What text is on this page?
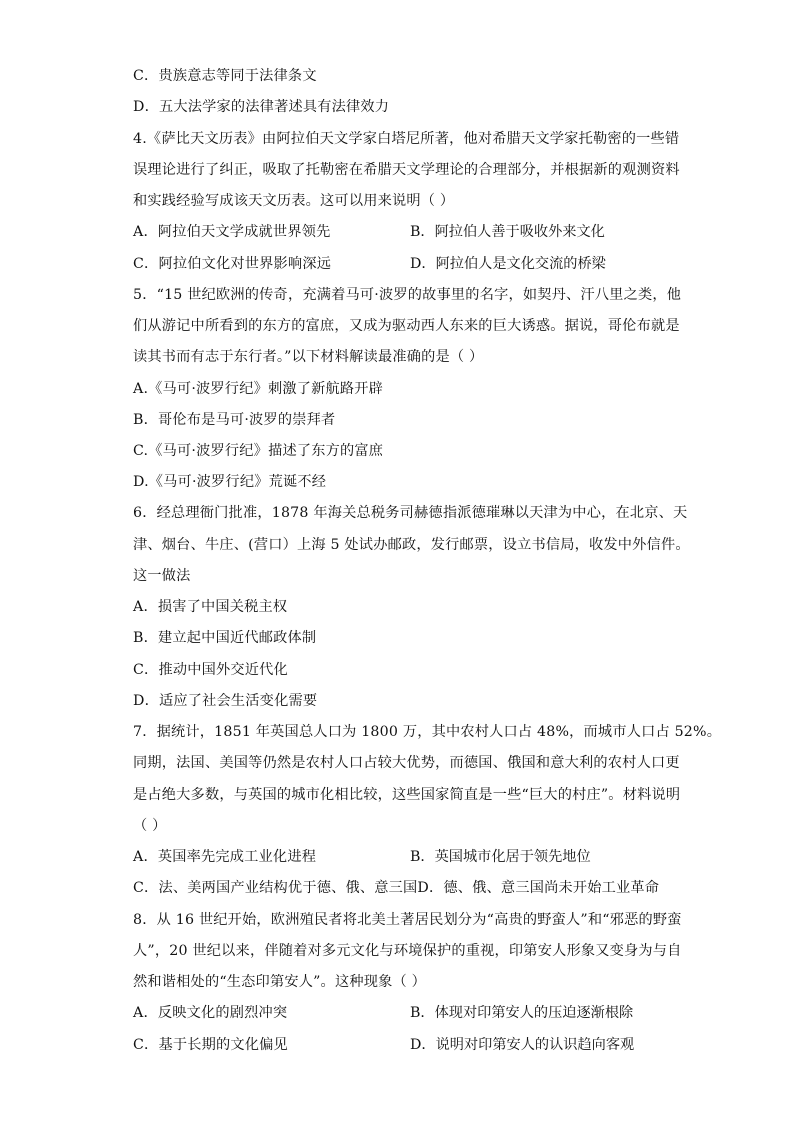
C．贵族意志等同于法律条文
D．五大法学家的法律著述具有法律效力
4.《萨比天文历表》由阿拉伯天文学家白塔尼所著，他对希腊天文学家托勒密的一些错
误理论进行了纠正，吸取了托勒密在希腊天文学理论的合理部分，并根据新的观测资料
和实践经验写成该天文历表。这可以用来说明（ ）
A．阿拉伯天文学成就世界领先	B．阿拉伯人善于吸收外来文化
C．阿拉伯文化对世界影响深远	D．阿拉伯人是文化交流的桥梁
5．“15 世纪欧洲的传奇，充满着马可·波罗的故事里的名字，如契丹、汗八里之类，他
们从游记中所看到的东方的富庶，又成为驱动西人东来的巨大诱惑。据说，哥伦布就是
读其书而有志于东行者。”以下材料解读最准确的是（ ）
A.《马可·波罗行纪》刺激了新航路开辟
B．哥伦布是马可·波罗的崇拜者
C.《马可·波罗行纪》描述了东方的富庶
D.《马可·波罗行纪》荒诞不经
6．经总理衙门批准，1878 年海关总税务司赫德指派德璀琳以天津为中心，在北京、天
津、烟台、牛庄、(营口）上海 5 处试办邮政，发行邮票，设立书信局，收发中外信件。
这一做法
A．损害了中国关税主权
B．建立起中国近代邮政体制
C．推动中国外交近代化
D．适应了社会生活变化需要
7．据统计，1851 年英国总人口为 1800 万，其中农村人口占 48%，而城市人口占 52%。
同期，法国、美国等仍然是农村人口占较大优势，而德国、俄国和意大利的农村人口更
是占绝大多数，与英国的城市化相比较，这些国家简直是一些“巨大的村庄”。材料说明
（ ）
A．英国率先完成工业化进程	B．英国城市化居于领先地位
C．法、美两国产业结构优于德、俄、意三国D．德、俄、意三国尚未开始工业革命
8．从 16 世纪开始，欧洲殖民者将北美土著居民划分为“高贵的野蛮人”和“邪恶的野蛮
人”，20 世纪以来，伴随着对多元文化与环境保护的重视，印第安人形象又变身为与自
然和谐相处的“生态印第安人”。这种现象（ ）
A．反映文化的剧烈冲突	B．体现对印第安人的压迫逐渐根除
C．基于长期的文化偏见	D．说明对印第安人的认识趋向客观
